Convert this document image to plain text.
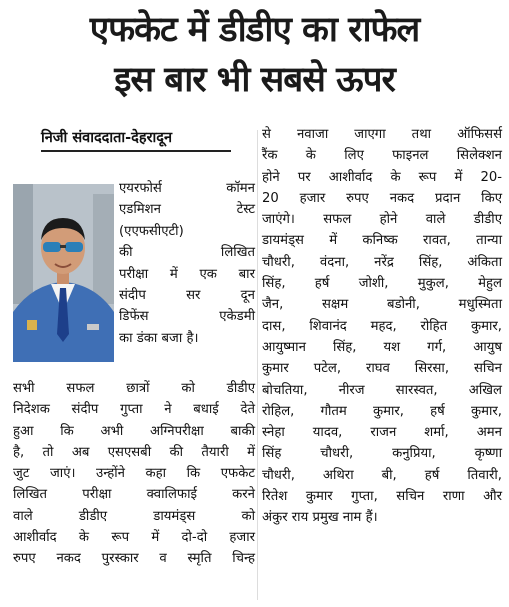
एफकेट में डीडीए का राफेल
इस बार भी सबसे ऊपर
निजी संवाददाता-देहरादून
एयरफोर्स कॉमन
एडमिशन टेस्ट
(एएफसीएटी)
की लिखित
परीक्षा में एक बार
संदीप सर दून
डिफेंस एकेडमी
का डंका बजा है।
सभी सफल छात्रों को डीडीए
निदेशक संदीप गुप्ता ने बधाई देते
हुआ कि अभी अग्निपरीक्षा बाकी
है, तो अब एसएसबी की तैयारी में
जुट जाएं। उन्होंने कहा कि एफकेट
लिखित परीक्षा क्वालिफाई करने
वाले डीडीए डायमंड्स को
आशीर्वाद के रूप में दो-दो हजार
रुपए नकद पुरस्कार व स्मृति चिन्ह
से नवाजा जाएगा तथा ऑफिसर्स
रैंक के लिए फाइनल सिलेक्शन
होने पर आशीर्वाद के रूप में 20-
20 हजार रुपए नकद प्रदान किए
जाएंगे। सफल होने वाले डीडीए
डायमंड्स में कनिष्क रावत, तान्या
चौधरी, वंदना, नरेंद्र सिंह, अंकिता
सिंह, हर्ष जोशी, मुकुल, मेहुल
जैन, सक्षम बडोनी, मधुस्मिता
दास, शिवानंद महद, रोहित कुमार,
आयुष्मान सिंह, यश गर्ग, आयुष
कुमार पटेल, राघव सिरसा, सचिन
बोचतिया, नीरज सारस्वत, अखिल
रोहिल, गौतम कुमार, हर्ष कुमार,
स्नेहा यादव, राजन शर्मा, अमन
सिंह चौधरी, कनुप्रिया, कृष्णा
चौधरी, अथिरा बी, हर्ष तिवारी,
रितेश कुमार गुप्ता, सचिन राणा और
अंकुर राय प्रमुख नाम हैं।
